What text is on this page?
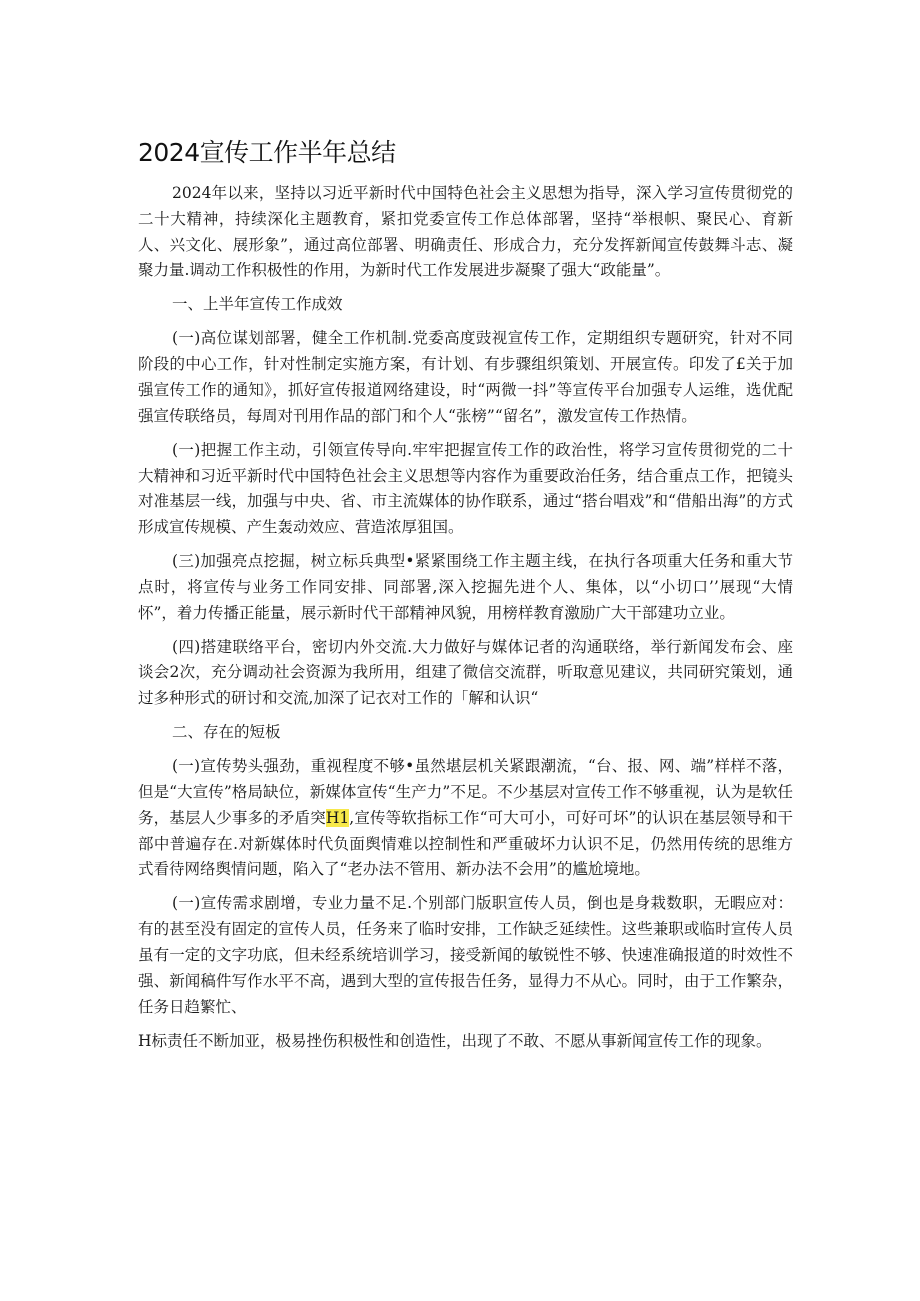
2024宣传工作半年总结

2024年以来，坚持以习近平新时代中国特色社会主义思想为指导，深入学习宣传贯彻党的二十大精神，持续深化主题教育，紧扣党委宣传工作总体部署，坚持“举根帜、聚民心、育新人、兴文化、展形象”，通过高位部署、明确责任、形成合力，充分发挥新闻宣传鼓舞斗志、凝聚力量.调动工作积极性的作用，为新时代工作发展进步凝聚了强大“政能量”。

一、上半年宣传工作成效

(一)高位谋划部署，健全工作机制.党委高度豉视宣传工作，定期组织专题研究，针对不同阶段的中心工作，针对性制定实施方案，有计划、有步骤组织策划、开展宣传。印发了£关于加强宣传工作的通知》，抓好宣传报道网络建设，时“两微一抖”等宣传平台加强专人运维，选优配强宣传联络员，每周对刊用作品的部门和个人“张榜”“留名”，激发宣传工作热情。

(一)把握工作主动，引领宣传导向.牢牢把握宣传工作的政治性，将学习宣传贯彻党的二十大精神和习近平新时代中国特色社会主义思想等内容作为重要政治任务，结合重点工作，把镜头对准基层一线，加强与中央、省、市主流媒体的协作联系，通过“搭台唱戏”和“借船出海”的方式形成宣传规模、产生轰动效应、营造浓厚狙国。

(三)加强亮点挖掘，树立标兵典型•紧紧围绕工作主题主线，在执行各项重大任务和重大节点时，将宣传与业务工作同安排、同部署,深入挖掘先进个人、集体，以“小切口’’展现“大情怀”，着力传播正能量，展示新时代干部精神风貌，用榜样教育激励广大干部建功立业。

(四)搭建联络平台，密切内外交流.大力做好与媒体记者的沟通联络，举行新闻发布会、座谈会2次，充分调动社会资源为我所用，组建了微信交流群，听取意见建议，共同研究策划，通过多种形式的研讨和交流,加深了记衣对工作的「解和认识“

二、存在的短板

(一)宣传势头强劲，重视程度不够•虽然堪层机关紧跟潮流，“台、报、网、端”样样不落，但是“大宣传”格局缺位，新媒体宣传“生产力”不足。不少基层对宣传工作不够重视，认为是软任务，基层人少事多的矛盾突H1,宣传等软指标工作“可大可小，可好可坏”的认识在基层领导和干部中普遍存在.对新媒体时代负面舆情难以控制性和严重破坏力认识不足，仍然用传统的思维方式看待网络舆情问题，陷入了“老办法不管用、新办法不会用”的尴尬境地。

(一)宣传需求剧增，专业力量不足.个别部门版职宣传人员，倒也是身栽数职，无暇应对：有的甚至没有固定的宣传人员，任务来了临时安排，工作缺乏延续性。这些兼职或临时宣传人员虽有一定的文字功底，但未经系统培训学习，接受新闻的敏锐性不够、快速准确报道的时效性不强、新闻稿件写作水平不高，遇到大型的宣传报告任务，显得力不从心。同时，由于工作繁杂，任务日趋繁忙、

H标责任不断加亚，极易挫伤积极性和创造性，出现了不敢、不愿从事新闻宣传工作的现象。
